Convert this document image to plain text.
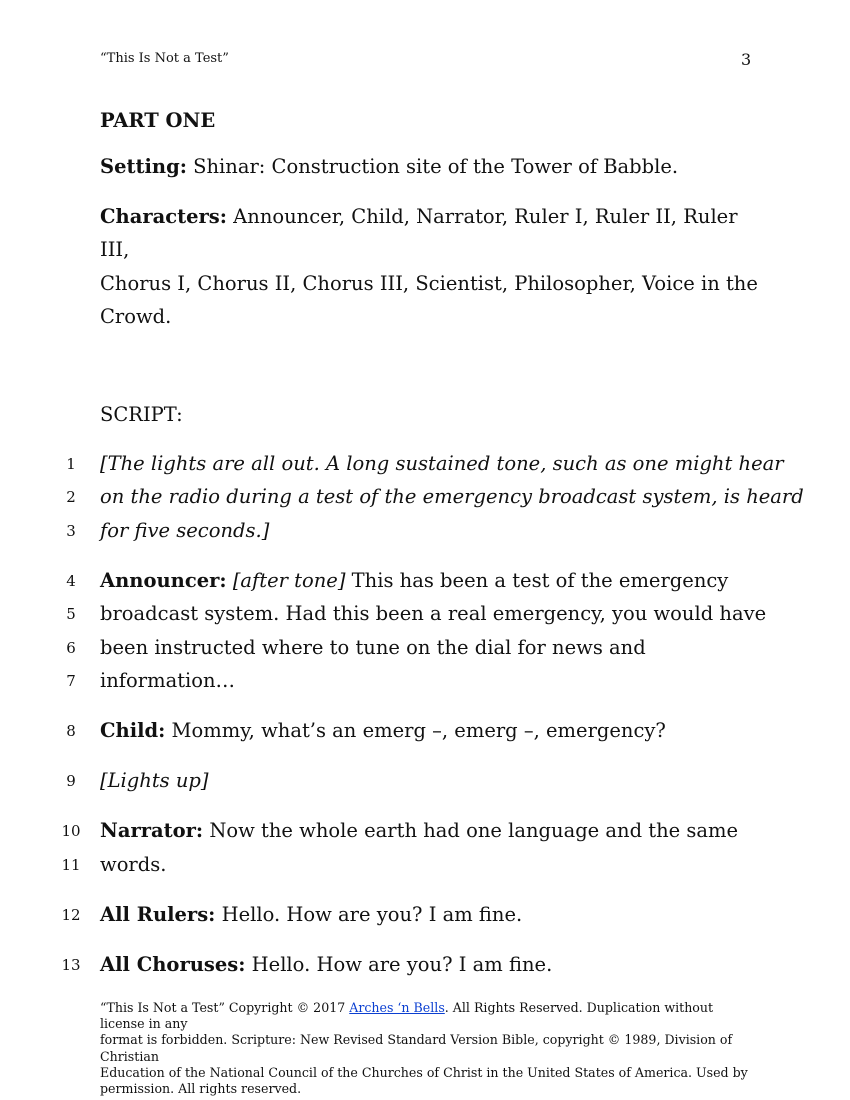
“This Is Not a Test”	3
PART ONE
Setting: Shinar: Construction site of the Tower of Babble.
Characters: Announcer, Child, Narrator, Ruler I, Ruler II, Ruler III,
Chorus I, Chorus II, Chorus III, Scientist, Philosopher, Voice in the
Crowd.
SCRIPT:
1	[The lights are all out. A long sustained tone, such as one might hear
2	on the radio during a test of the emergency broadcast system, is heard
3	for five seconds.]
4	Announcer: [after tone] This has been a test of the emergency
5	broadcast system. Had this been a real emergency, you would have
6	been instructed where to tune on the dial for news and
7	information…
8	Child: Mommy, what’s an emerg –, emerg –, emergency?
9	[Lights up]
10 Narrator: Now the whole earth had one language and the same
11 words.
12 All Rulers: Hello. How are you? I am fine.
13 All Choruses: Hello. How are you? I am fine.
“This Is Not a Test” Copyright © 2017 Arches ‘n Bells. All Rights Reserved. Duplication without license in any
format is forbidden. Scripture: New Revised Standard Version Bible, copyright © 1989, Division of Christian
Education of the National Council of the Churches of Christ in the United States of America. Used by
permission. All rights reserved.
